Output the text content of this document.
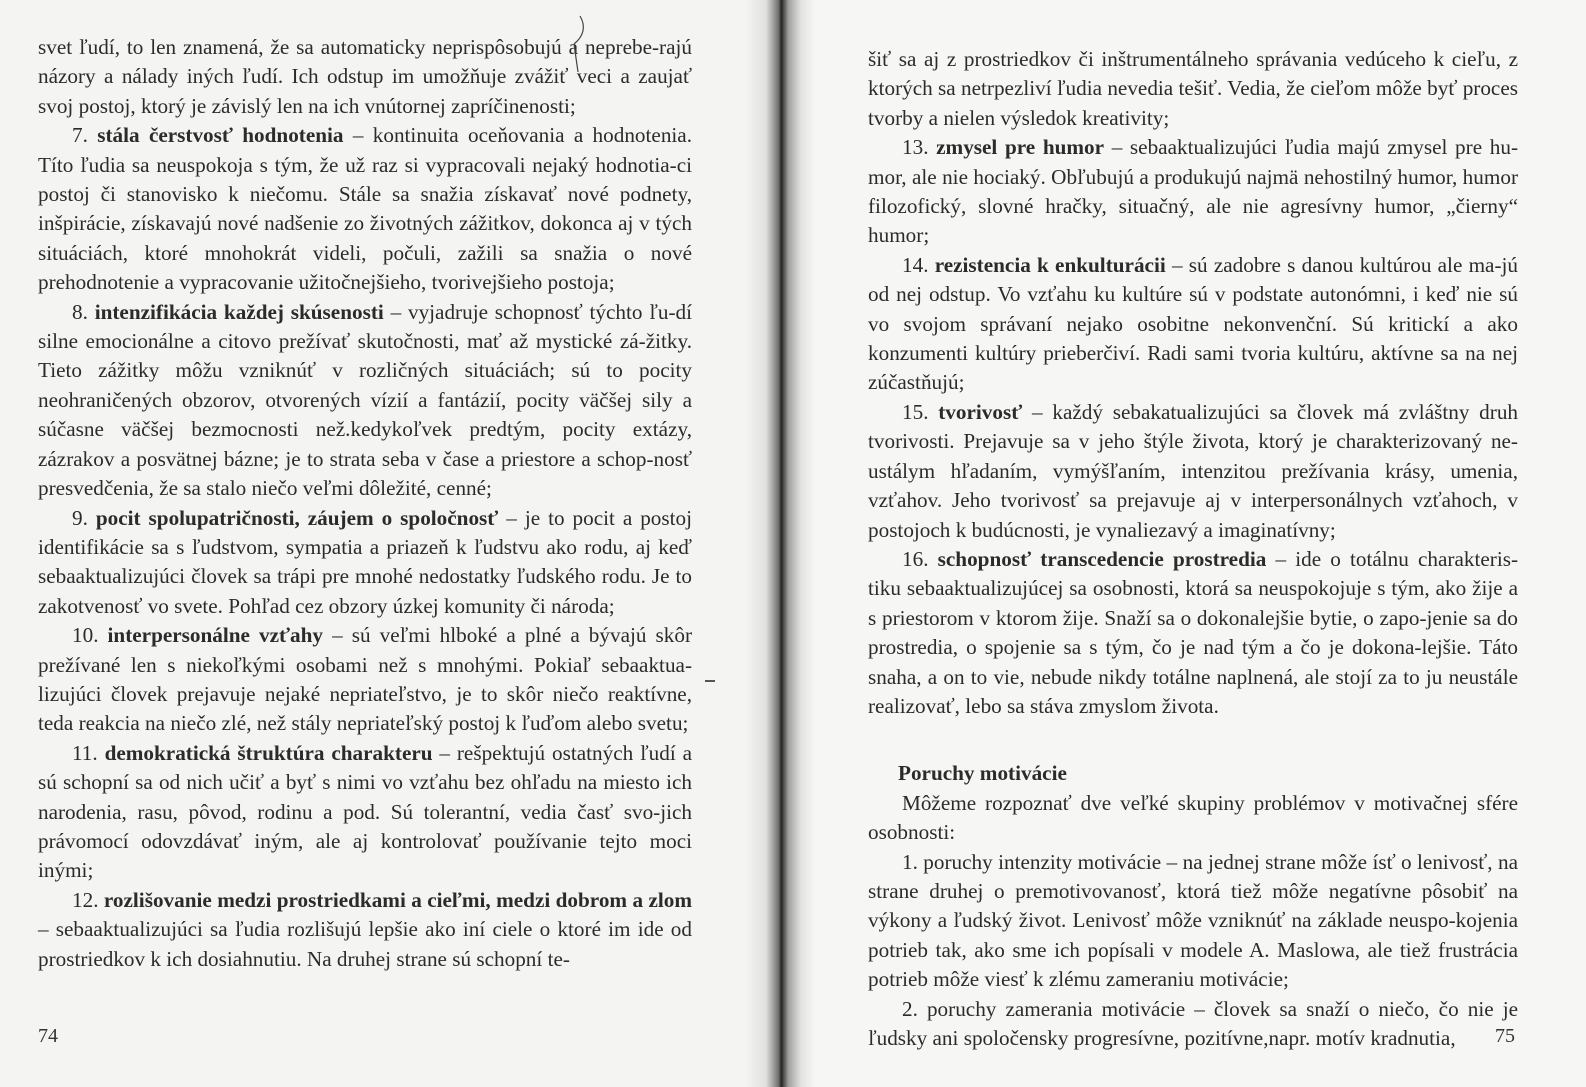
svet ľudí, to len znamená, že sa automaticky neprispôsobujú a neprebe-rajú názory a nálady iných ľudí. Ich odstup im umožňuje zvážiť veci a zaujať svoj postoj, ktorý je závislý len na ich vnútornej zapríčinenosti;

7. stála čerstvosť hodnotenia – kontinuita oceňovania a hodnotenia. Títo ľudia sa neuspokoja s tým, že už raz si vypracovali nejaký hodnotia-ci postoj či stanovisko k niečomu. Stále sa snažia získavať nové podnety, inšpirácie, získavajú nové nadšenie zo životných zážitkov, dokonca aj v tých situáciách, ktoré mnohokrát videli, počuli, zažili sa snažia o nové prehodnotenie a vypracovanie užitočnejšieho, tvorivejšieho postoja;

8. intenzifikácia každej skúsenosti – vyjadruje schopnosť týchto ľu-dí silne emocionálne a citovo prežívať skutočnosti, mať až mystické zá-žitky. Tieto zážitky môžu vzniknúť v rozličných situáciách; sú to pocity neohraničených obzorov, otvorených vízií a fantázií, pocity väčšej sily a súčasne väčšej bezmocnosti než.kedykoľvek predtým, pocity extázy, zázrakov a posvätnej bázne; je to strata seba v čase a priestore a schop-nosť presvedčenia, že sa stalo niečo veľmi dôležité, cenné;

9. pocit spolupatričnosti, záujem o spoločnosť – je to pocit a postoj identifikácie sa s ľudstvom, sympatia a priazeň k ľudstvu ako rodu, aj keď sebaaktualizujúci človek sa trápi pre mnohé nedostatky ľudského rodu. Je to zakotvenosť vo svete. Pohľad cez obzory úzkej komunity či národa;

10. interpersonálne vzťahy – sú veľmi hlboké a plné a bývajú skôr prežívané len s niekoľkými osobami než s mnohými. Pokiaľ sebaaktua-lizujúci človek prejavuje nejaké nepriateľstvo, je to skôr niečo reaktívne, teda reakcia na niečo zlé, než stály nepriateľský postoj k ľuďom alebo svetu;

11. demokratická štruktúra charakteru – rešpektujú ostatných ľudí a sú schopní sa od nich učiť a byť s nimi vo vzťahu bez ohľadu na miesto ich narodenia, rasu, pôvod, rodinu a pod. Sú tolerantní, vedia časť svo-jich právomocí odovzdávať iným, ale aj kontrolovať používanie tejto moci inými;

12. rozlišovanie medzi prostriedkami a cieľmi, medzi dobrom a zlom – sebaaktualizujúci sa ľudia rozlišujú lepšie ako iní ciele o ktoré im ide od prostriedkov k ich dosiahnutiu. Na druhej strane sú schopní te-

74

šiť sa aj z prostriedkov či inštrumentálneho správania vedúceho k cieľu, z ktorých sa netrpezliví ľudia nevedia tešiť. Vedia, že cieľom môže byť proces tvorby a nielen výsledok kreativity;

13. zmysel pre humor – sebaaktualizujúci ľudia majú zmysel pre hu-mor, ale nie hociaký. Obľubujú a produkujú najmä nehostilný humor, humor filozofický, slovné hračky, situačný, ale nie agresívny humor, „čierny“ humor;

14. rezistencia k enkulturácii – sú zadobre s danou kultúrou ale ma-jú od nej odstup. Vo vzťahu ku kultúre sú v podstate autonómni, i keď nie sú vo svojom správaní nejako osobitne nekonvenční. Sú kritickí a ako konzumenti kultúry prieberčiví. Radi sami tvoria kultúru, aktívne sa na nej zúčastňujú;

15. tvorivosť – každý sebakatualizujúci sa človek má zvláštny druh tvorivosti. Prejavuje sa v jeho štýle života, ktorý je charakterizovaný ne-ustálym hľadaním, vymýšľaním, intenzitou prežívania krásy, umenia, vzťahov. Jeho tvorivosť sa prejavuje aj v interpersonálnych vzťahoch, v postojoch k budúcnosti, je vynaliezavý a imaginatívny;

16. schopnosť transcedencie prostredia – ide o totálnu charakteris-tiku sebaaktualizujúcej sa osobnosti, ktorá sa neuspokojuje s tým, ako žije a s priestorom v ktorom žije. Snaží sa o dokonalejšie bytie, o zapo-jenie sa do prostredia, o spojenie sa s tým, čo je nad tým a čo je dokona-lejšie. Táto snaha, a on to vie, nebude nikdy totálne naplnená, ale stojí za to ju neustále realizovať, lebo sa stáva zmyslom života.

Poruchy motivácie

Môžeme rozpoznať dve veľké skupiny problémov v motivačnej sfére osobnosti:

1. poruchy intenzity motivácie – na jednej strane môže ísť o lenivosť, na strane druhej o premotivovanosť, ktorá tiež môže negatívne pôsobiť na výkony a ľudský život. Lenivosť môže vzniknúť na základe neuspo-kojenia potrieb tak, ako sme ich popísali v modele A. Maslowa, ale tiež frustrácia potrieb môže viesť k zlému zameraniu motivácie;

2. poruchy zamerania motivácie – človek sa snaží o niečo, čo nie je ľudsky ani spoločensky progresívne, pozitívne,napr. motív kradnutia,	75
